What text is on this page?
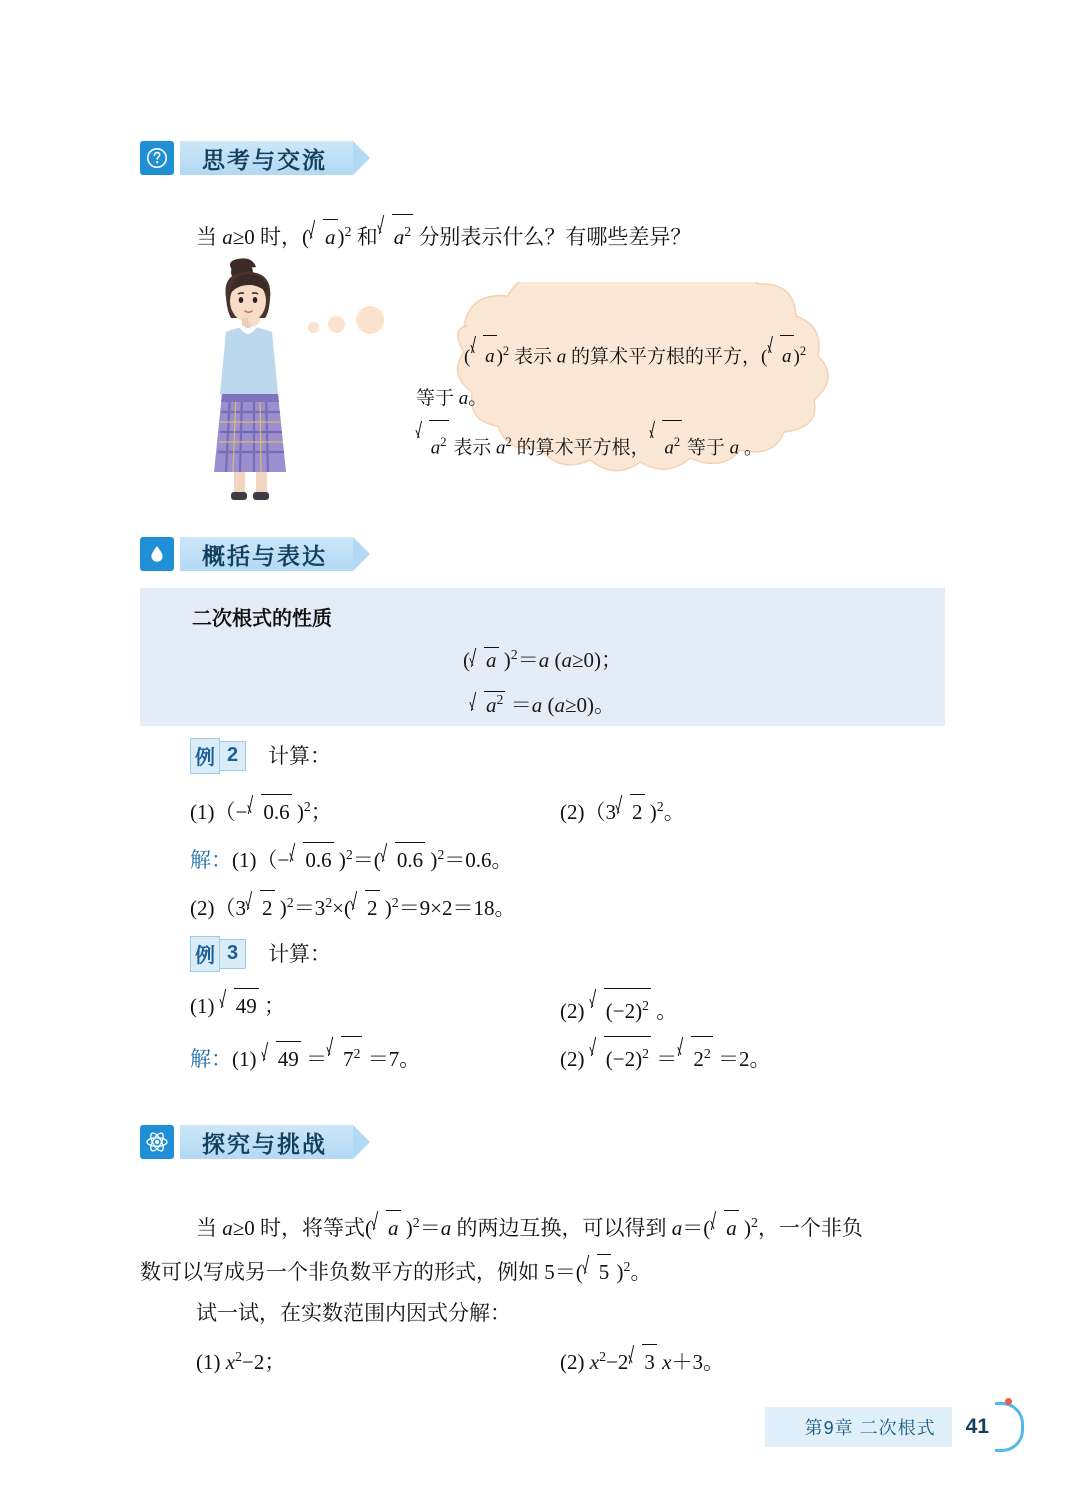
思考与交流
当 a≥0 时，( a)$^2$ 和 $a^2$ 分别表示什么？有哪些差异？
( a )$^2$ 表示 a 的算术平方根的平方，( a )$^2$
等于 a。
$a^2$ 表示 $a^2$ 的算术平方根， $a^2$ 等于 a 。
概括与表达
二次根式的性质
( a )$^2$＝a (a≥0)；
$a^2 =a$ (a≥0)。
例 2	计算：
(1)（− 0.6 )$^2$；	(2)（3 2 )$^2$。
解：(1)（− 0.6 )$^2$＝( 0.6 )$^2$＝0.6。
(2)（3 2 )$^2=3^2\times$( 2 )$^2$＝9×2＝18。
例 3	计算：
(1) 49 ；	(2) $(-2)^2$ 。
解：(1) $49 = 7^2 =7$。	(2) $(-2)^2 = 2^2 =2$。
探究与挑战
当 a≥0 时，将等式( a )$^2$＝a 的两边互换，可以得到 a＝( a )$^2$，一个非负
数可以写成另一个非负数平方的形式，例如 5＝( 5 )$^2$。
试一试，在实数范围内因式分解：
(1) $x^2-2$；	(2) $x^2-2$ 3 x＋3。
第9章 二次根式	41
